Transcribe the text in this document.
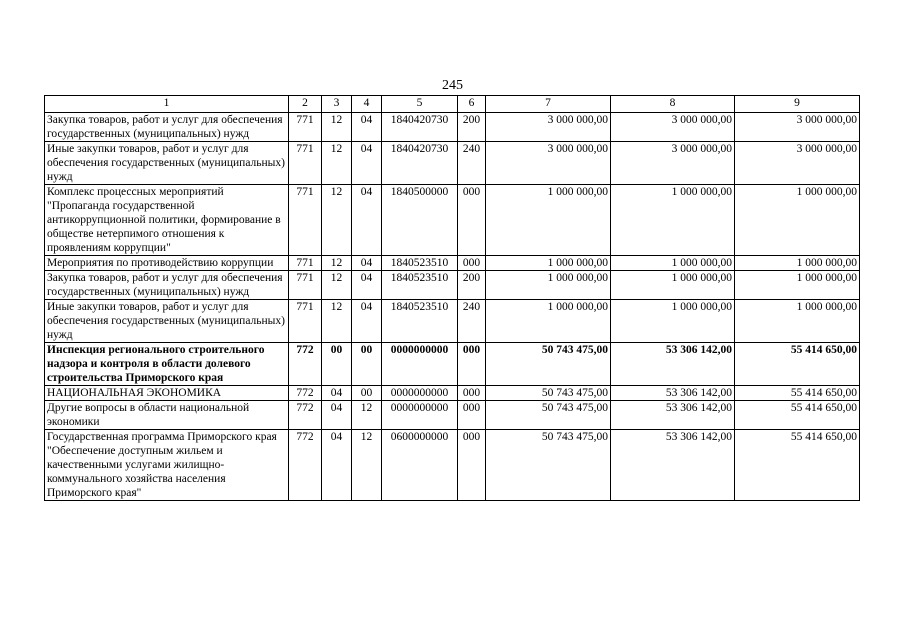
245
1	2	3	4	5	6	7	8	9
Закупка товаров, работ и услуг для обеспечения государственных (муниципальных) нужд	771	12	04	1840420730	200	3 000 000,00	3 000 000,00	3 000 000,00
Иные закупки товаров, работ и услуг для обеспечения государственных (муниципальных) нужд	771	12	04	1840420730	240	3 000 000,00	3 000 000,00	3 000 000,00
Комплекс процессных мероприятий "Пропаганда государственной антикоррупционной политики, формирование в обществе нетерпимого отношения к проявлениям коррупции"	771	12	04	1840500000	000	1 000 000,00	1 000 000,00	1 000 000,00
Мероприятия по противодействию коррупции	771	12	04	1840523510	000	1 000 000,00	1 000 000,00	1 000 000,00
Закупка товаров, работ и услуг для обеспечения государственных (муниципальных) нужд	771	12	04	1840523510	200	1 000 000,00	1 000 000,00	1 000 000,00
Иные закупки товаров, работ и услуг для обеспечения государственных (муниципальных) нужд	771	12	04	1840523510	240	1 000 000,00	1 000 000,00	1 000 000,00
Инспекция регионального строительного надзора и контроля в области долевого строительства Приморского края	772	00	00	0000000000	000	50 743 475,00	53 306 142,00	55 414 650,00
НАЦИОНАЛЬНАЯ ЭКОНОМИКА	772	04	00	0000000000	000	50 743 475,00	53 306 142,00	55 414 650,00
Другие вопросы в области национальной экономики	772	04	12	0000000000	000	50 743 475,00	53 306 142,00	55 414 650,00
Государственная программа Приморского края "Обеспечение доступным жильем и качественными услугами жилищно-коммунального хозяйства населения Приморского края"	772	04	12	0600000000	000	50 743 475,00	53 306 142,00	55 414 650,00
